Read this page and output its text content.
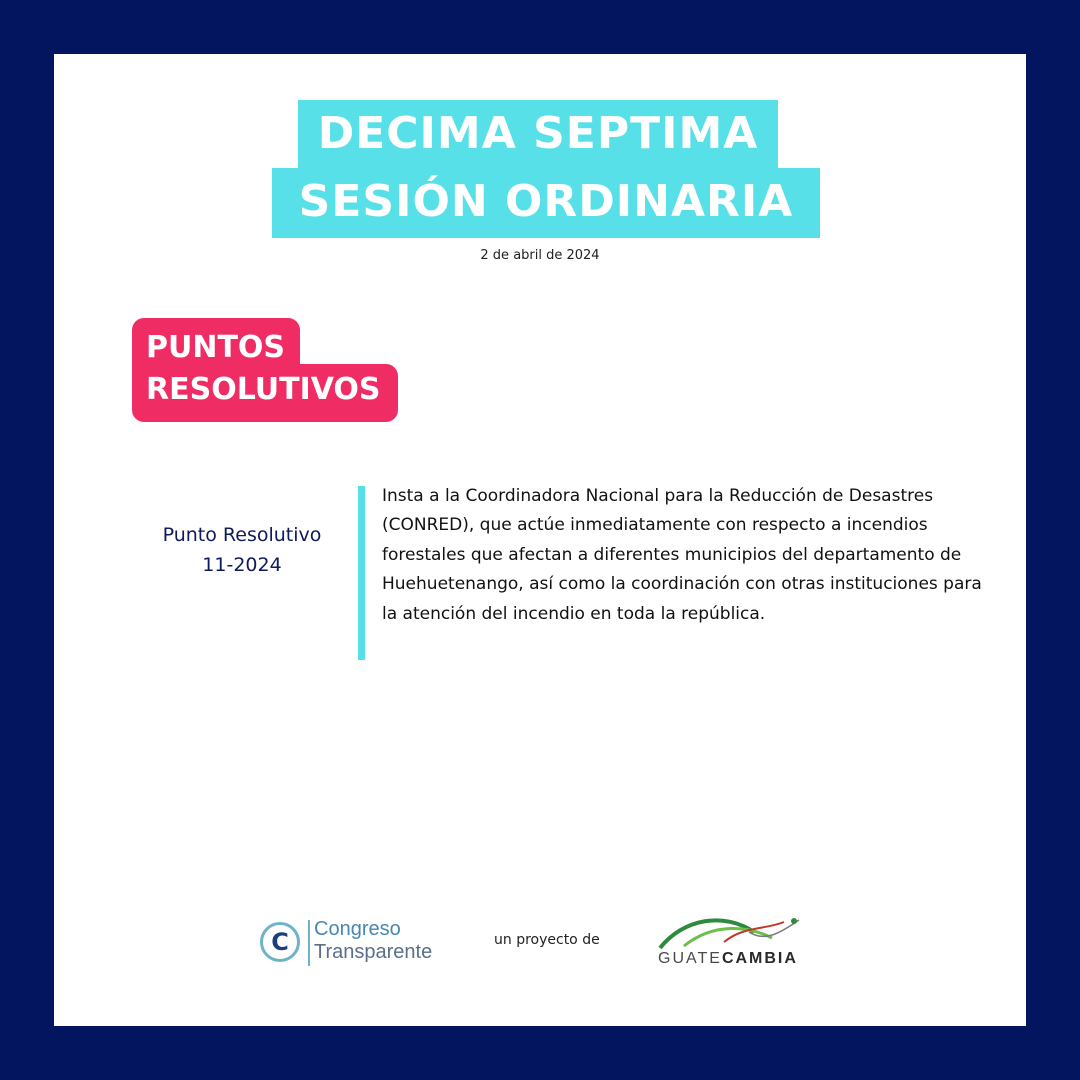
DECIMA SEPTIMA
SESIÓN ORDINARIA
2 de abril de 2024
PUNTOS
RESOLUTIVOS
Punto Resolutivo
11-2024
Insta a la Coordinadora Nacional para la Reducción de Desastres (CONRED), que actúe inmediatamente con respecto a incendios forestales que afectan a diferentes municipios del departamento de Huehuetenango, así como la coordinación con otras instituciones para la atención del incendio en toda la república.
C	Congreso
Transparente
un proyecto de
GUATECAMBIA
